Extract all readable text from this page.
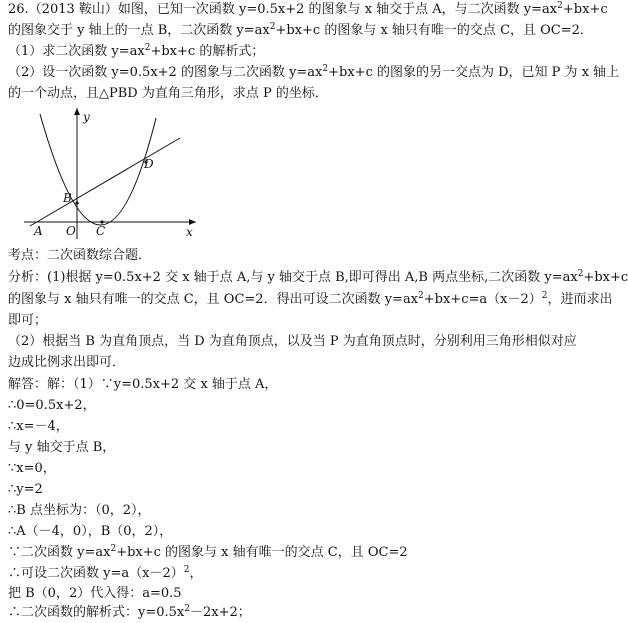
26.（2013 鞍山）如图，已知一次函数 y=0.5x+2 的图象与 x 轴交于点 A，与二次函数 $y=ax^2+bx+c$
的图象交于 y 轴上的一点 B，二次函数 $y=ax^2+bx+c$ 的图象与 x 轴只有唯一的交点 C，且 OC=2．
（1）求二次函数 $y=ax^2+bx+c$ 的解析式；
（2）设一次函数 y=0.5x+2 的图象与二次函数 $y=ax^2+bx+c$ 的图象的另一交点为 D，已知 P 为 x 轴上
的一个动点，且△PBD 为直角三角形，求点 P 的坐标．
y
x
B
D
A O C
考点：二次函数综合题．
分析：(1)根据 y=0.5x+2 交 x 轴于点 A,与 y 轴交于点 B,即可得出 A,B 两点坐标,二次函数 $y=ax^2+bx+c$
的图象与 x 轴只有唯一的交点 C，且 OC=2．得出可设二次函数 $y=ax^2+bx+c=a(x-2)^2$，进而求出
即可；
（2）根据当 B 为直角顶点，当 D 为直角顶点，以及当 P 为直角顶点时，分别利用三角形相似对应
边成比例求出即可．
解答：解：（1）∵y=0.5x+2 交 x 轴于点 A，
∴0=0.5x+2，
∴x=－4，
与 y 轴交于点 B，
∵x=0，
∴y=2
∴B 点坐标为：（0，2），
∴A（－4，0），B（0，2），
∵二次函数 $y=ax^2+bx+c$ 的图象与 x 轴有唯一的交点 C，且 OC=2
∴可设二次函数 $y=a(x-2)^2$，
把 B（0，2）代入得：a=0.5
∴二次函数的解析式：$y=0.5x^2-2x+2$；
